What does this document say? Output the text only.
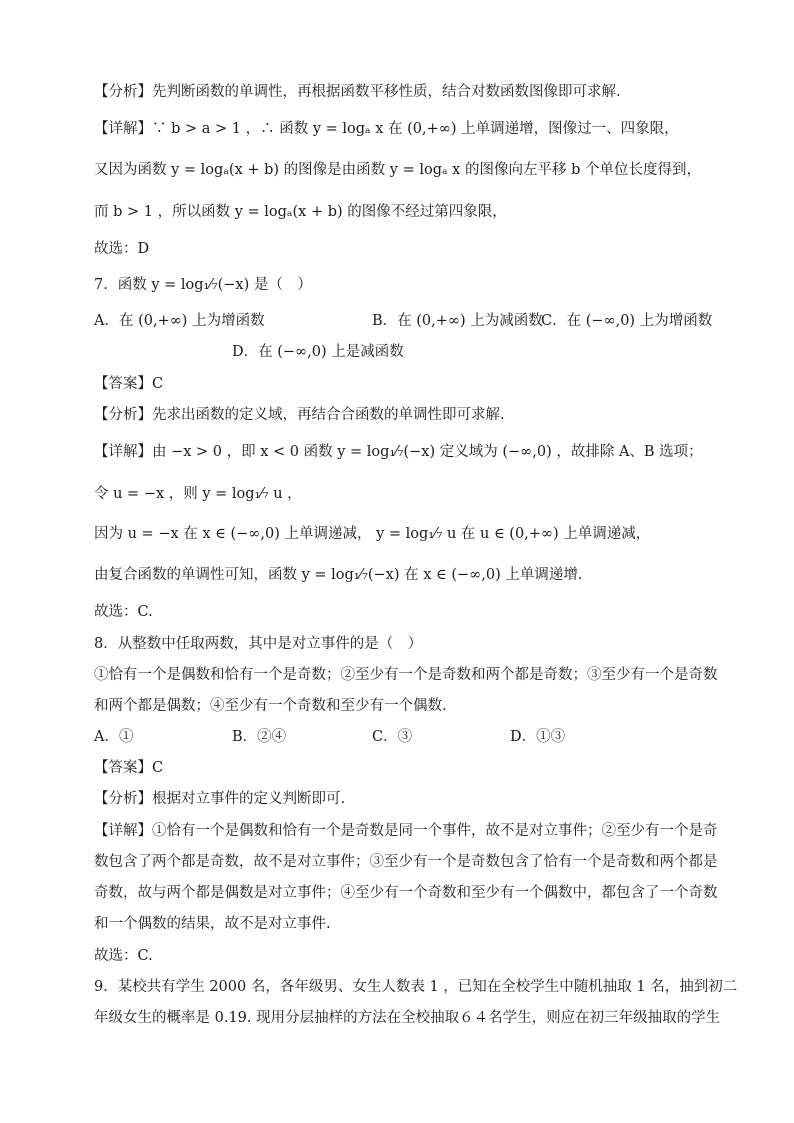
【分析】先判断函数的单调性，再根据函数平移性质，结合对数函数图像即可求解.
【详解】∵ b > a > 1 ，∴ 函数 y = logₐ x 在 (0,+∞) 上单调递增，图像过一、四象限，
又因为函数 y = logₐ(x + b) 的图像是由函数 y = logₐ x 的图像向左平移 b 个单位长度得到，
而 b > 1 ，所以函数 y = logₐ(x + b) 的图像不经过第四象限，
故选：D
7．函数 y = log₁⁄₇(−x) 是（　）
A．在 (0,+∞) 上为增函数	B．在 (0,+∞) 上为减函数
C．在 (−∞,0) 上为增函数
D．在 (−∞,0) 上是减函数
【答案】C
【分析】先求出函数的定义域，再结合合函数的单调性即可求解.
【详解】由 −x > 0 ，即 x < 0 函数 y = log₁⁄₇(−x) 定义域为 (−∞,0) ，故排除 A、B 选项；
令 u = −x ，则 y = log₁⁄₇ u ，
因为 u = −x 在 x ∈ (−∞,0) 上单调递减， y = log₁⁄₇ u 在 u ∈ (0,+∞) 上单调递减，
由复合函数的单调性可知，函数 y = log₁⁄₇(−x) 在 x ∈ (−∞,0) 上单调递增.
故选：C.
8．从整数中任取两数，其中是对立事件的是（　）
①恰有一个是偶数和恰有一个是奇数；②至少有一个是奇数和两个都是奇数；③至少有一个是奇数
和两个都是偶数；④至少有一个奇数和至少有一个偶数.
A．①	B．②④	C．③	D．①③
【答案】C
【分析】根据对立事件的定义判断即可.
【详解】①恰有一个是偶数和恰有一个是奇数是同一个事件，故不是对立事件；②至少有一个是奇
数包含了两个都是奇数，故不是对立事件；③至少有一个是奇数包含了恰有一个是奇数和两个都是
奇数，故与两个都是偶数是对立事件；④至少有一个奇数和至少有一个偶数中，都包含了一个奇数
和一个偶数的结果，故不是对立事件.
故选：C.
9．某校共有学生 2000 名，各年级男、女生人数表 1 ，已知在全校学生中随机抽取 1 名，抽到初二
年级女生的概率是 0.19. 现用分层抽样的方法在全校抽取６４名学生，则应在初三年级抽取的学生
